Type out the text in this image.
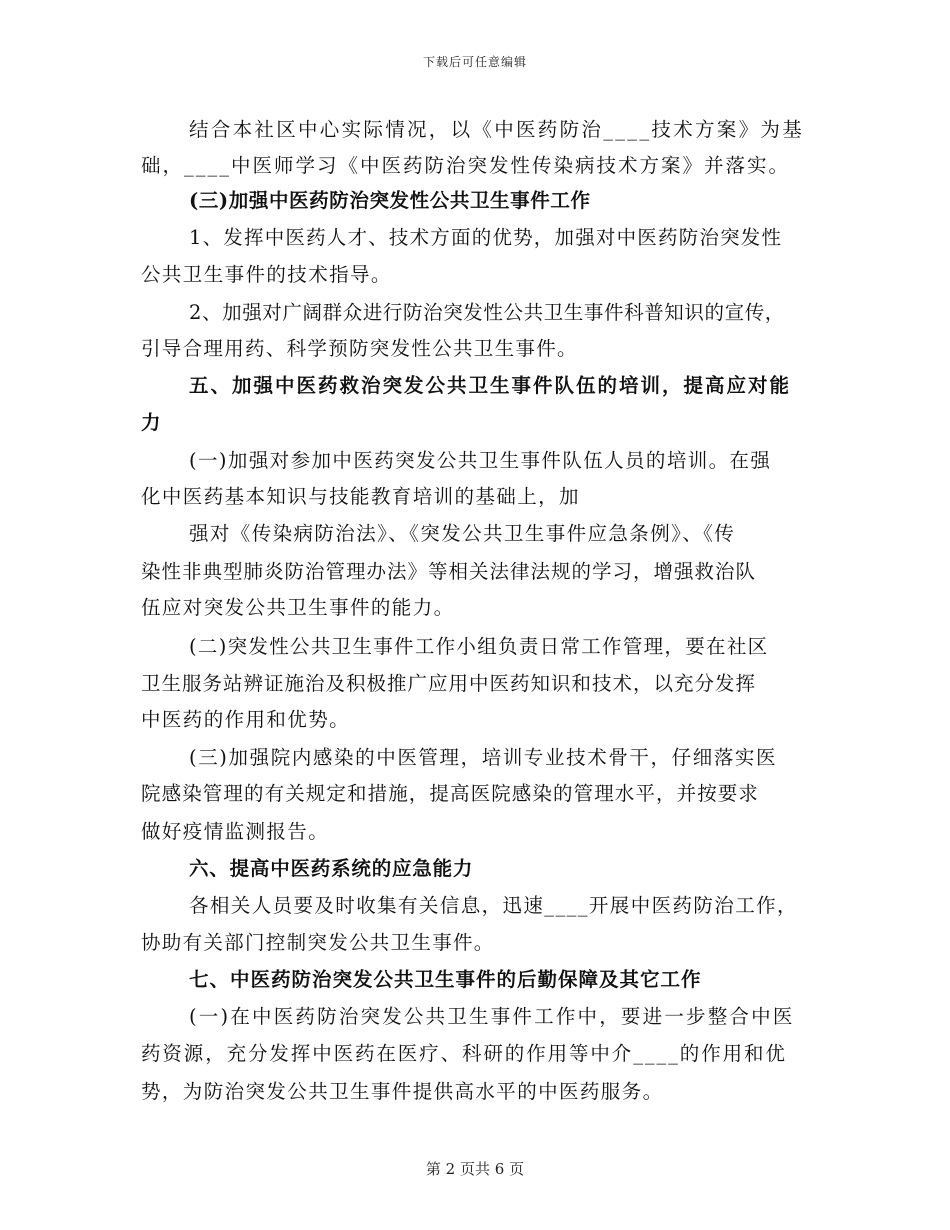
下载后可任意编辑
结合本社区中心实际情况，以《中医药防治____技术方案》为基
础，____中医师学习《中医药防治突发性传染病技术方案》并落实。
(三)加强中医药防治突发性公共卫生事件工作
1、发挥中医药人才、技术方面的优势，加强对中医药防治突发性
公共卫生事件的技术指导。
2、加强对广阔群众进行防治突发性公共卫生事件科普知识的宣传，
引导合理用药、科学预防突发性公共卫生事件。
五、加强中医药救治突发公共卫生事件队伍的培训，提高应对能
力
(一)加强对参加中医药突发公共卫生事件队伍人员的培训。在强
化中医药基本知识与技能教育培训的基础上，加
强对《传染病防治法》、《突发公共卫生事件应急条例》、《传
染性非典型肺炎防治管理办法》等相关法律法规的学习，增强救治队
伍应对突发公共卫生事件的能力。
(二)突发性公共卫生事件工作小组负责日常工作管理，要在社区
卫生服务站辨证施治及积极推广应用中医药知识和技术，以充分发挥
中医药的作用和优势。
(三)加强院内感染的中医管理，培训专业技术骨干，仔细落实医
院感染管理的有关规定和措施，提高医院感染的管理水平，并按要求
做好疫情监测报告。
六、提高中医药系统的应急能力
各相关人员要及时收集有关信息，迅速____开展中医药防治工作，
协助有关部门控制突发公共卫生事件。
七、中医药防治突发公共卫生事件的后勤保障及其它工作
(一)在中医药防治突发公共卫生事件工作中，要进一步整合中医
药资源，充分发挥中医药在医疗、科研的作用等中介____的作用和优
势，为防治突发公共卫生事件提供高水平的中医药服务。
第 2 页共 6 页
